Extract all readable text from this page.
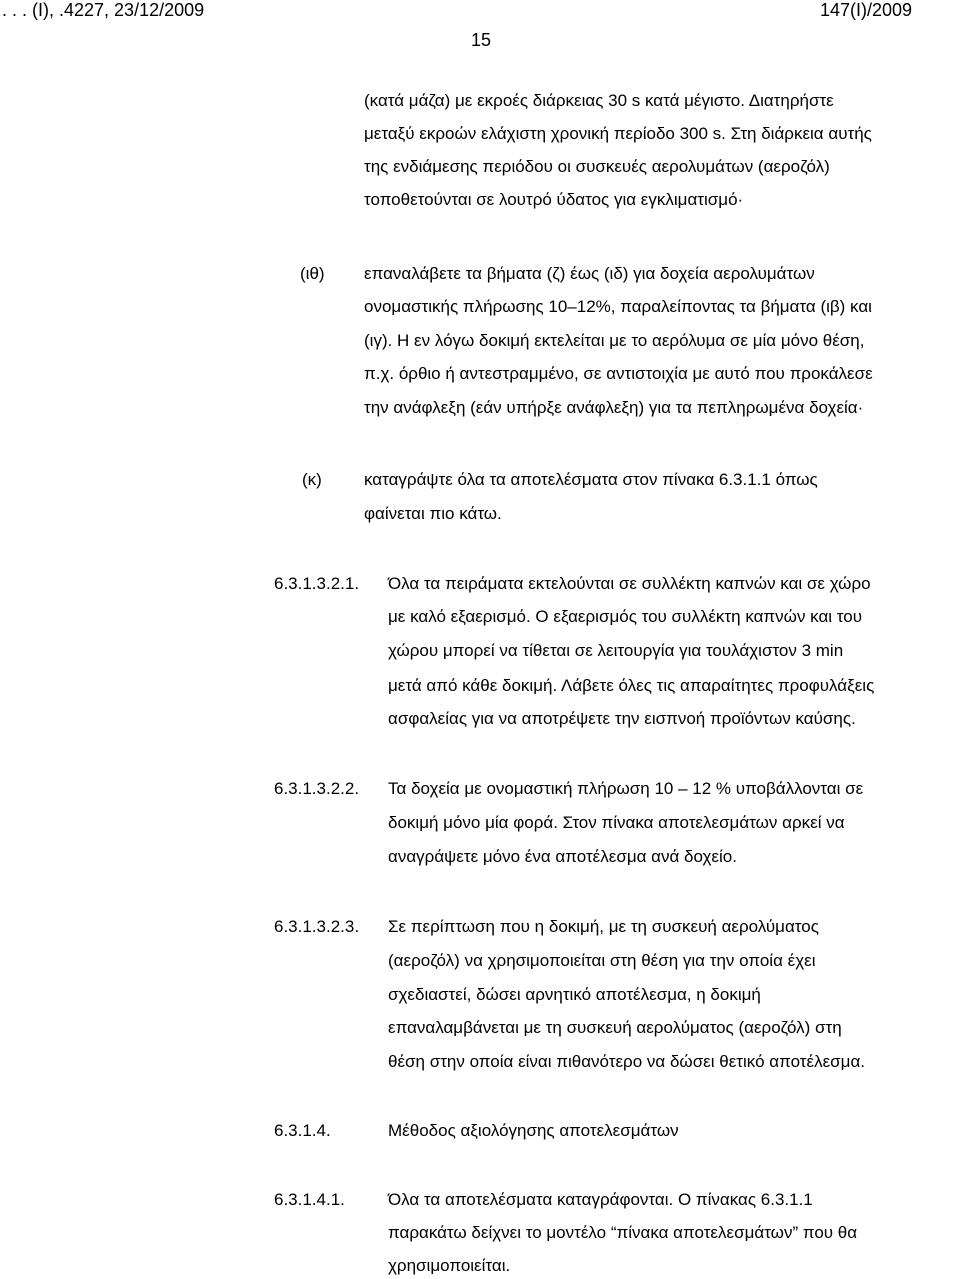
. . . (Ι), .4227, 23/12/2009	147(Ι)/2009
15
(κατά μάζα) με εκροές διάρκειας 30 s κατά μέγιστο. Διατηρήστε
μεταξύ εκροών ελάχιστη χρονική περίοδο 300 s. Στη διάρκεια αυτής
της ενδιάμεσης περιόδου οι συσκευές αερολυμάτων (αεροζόλ)
τοποθετούνται σε λουτρό ύδατος για εγκλιματισμό·
(ιθ) επαναλάβετε τα βήματα (ζ) έως (ιδ) για δοχεία αερολυμάτων
ονομαστικής πλήρωσης 10–12%, παραλείποντας τα βήματα (ιβ) και
(ιγ). Η εν λόγω δοκιμή εκτελείται με το αερόλυμα σε μία μόνο θέση,
π.χ. όρθιο ή αντεστραμμένο, σε αντιστοιχία με αυτό που προκάλεσε
την ανάφλεξη (εάν υπήρξε ανάφλεξη) για τα πεπληρωμένα δοχεία·
(κ) καταγράψτε όλα τα αποτελέσματα στον πίνακα 6.3.1.1 όπως
φαίνεται πιο κάτω.
6.3.1.3.2.1. Όλα τα πειράματα εκτελούνται σε συλλέκτη καπνών και σε χώρο
με καλό εξαερισμό. Ο εξαερισμός του συλλέκτη καπνών και του
χώρου μπορεί να τίθεται σε λειτουργία για τουλάχιστον 3 min
μετά από κάθε δοκιμή. Λάβετε όλες τις απαραίτητες προφυλάξεις
ασφαλείας για να αποτρέψετε την εισπνοή προϊόντων καύσης.
6.3.1.3.2.2. Τα δοχεία με ονομαστική πλήρωση 10 – 12 % υποβάλλονται σε
δοκιμή μόνο μία φορά. Στον πίνακα αποτελεσμάτων αρκεί να
αναγράψετε μόνο ένα αποτέλεσμα ανά δοχείο.
6.3.1.3.2.3. Σε περίπτωση που η δοκιμή, με τη συσκευή αερολύματος
(αεροζόλ) να χρησιμοποιείται στη θέση για την οποία έχει
σχεδιαστεί, δώσει αρνητικό αποτέλεσμα, η δοκιμή
επαναλαμβάνεται με τη συσκευή αερολύματος (αεροζόλ) στη
θέση στην οποία είναι πιθανότερο να δώσει θετικό αποτέλεσμα.
6.3.1.4.	Μέθοδος αξιολόγησης αποτελεσμάτων
6.3.1.4.1.	Όλα τα αποτελέσματα καταγράφονται. Ο πίνακας 6.3.1.1
παρακάτω δείχνει το μοντέλο “πίνακα αποτελεσμάτων” που θα
χρησιμοποιείται.
